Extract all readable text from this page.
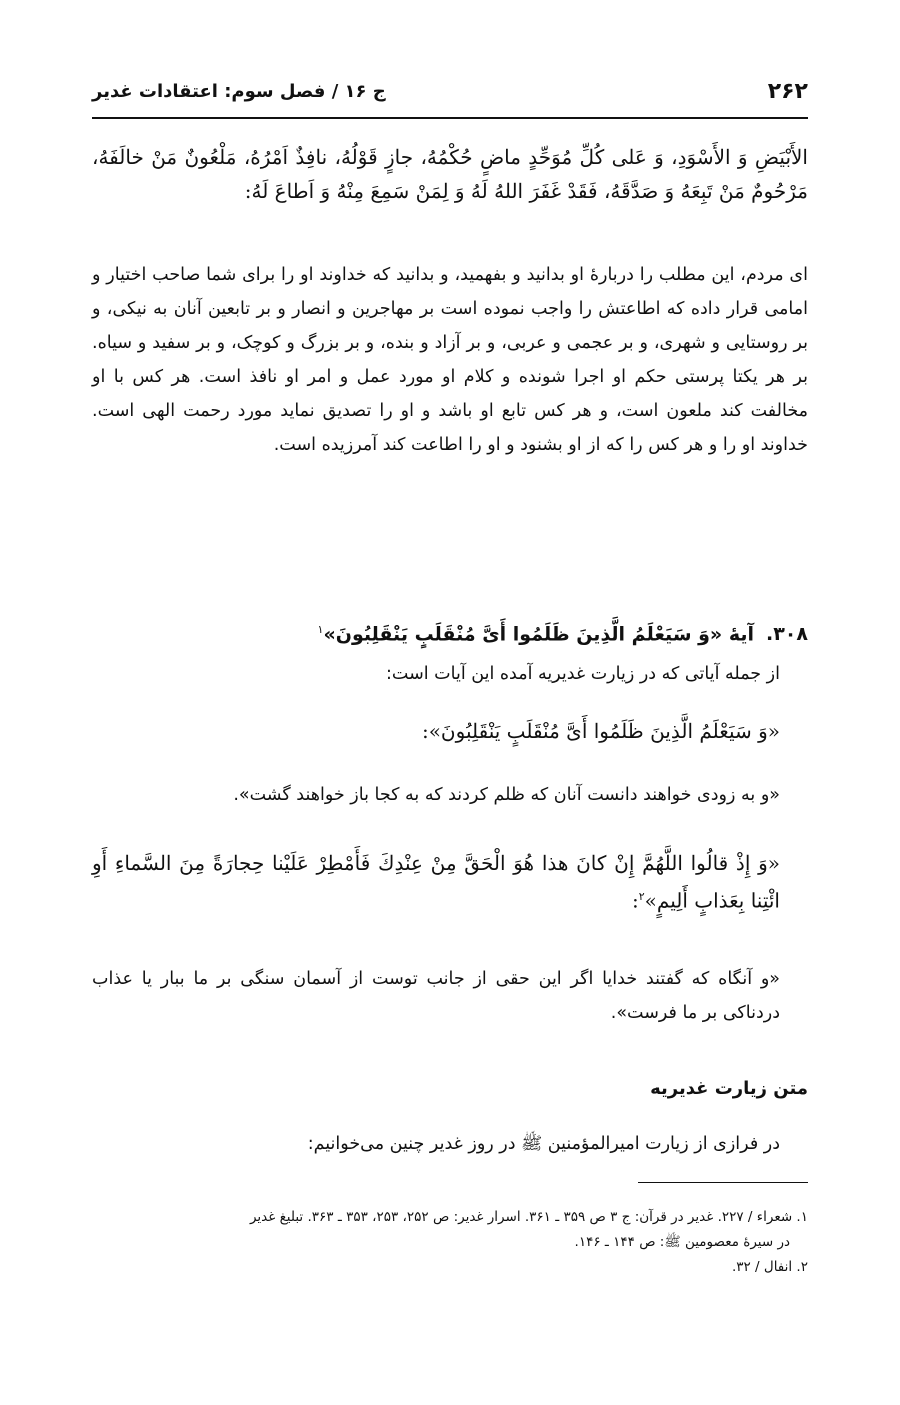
۲۶۲
ج ۱۶ / فصل سوم: اعتقادات غدیر

الأَبْیَضِ وَ الأَسْوَدِ، وَ عَلى كُلِّ مُوَحِّدٍ ماضٍ حُكْمُهُ، جازٍ قَوْلُهُ، نافِذٌ اَمْرُهُ، مَلْعُونٌ مَنْ خالَفَهُ، مَرْحُومٌ مَنْ تَبِعَهُ وَ صَدَّقَهُ، فَقَدْ غَفَرَ اللهُ لَهُ وَ لِمَنْ سَمِعَ مِنْهُ وَ اَطاعَ لَهُ:

ای مردم، این مطلب را دربارهٔ او بدانید و بفهمید، و بدانید كه خداوند او را برای شما صاحب اختیار و امامی قرار داده كه اطاعتش را واجب نموده است بر مهاجرین و انصار و بر تابعین آنان به نیكی، و بر روستایی و شهری، و بر عجمی و عربی، و بر آزاد و بنده، و بر بزرگ و كوچک، و بر سفید و سیاه. بر هر یكتا پرستی حكم او اجرا شونده و كلام او مورد عمل و امر او نافذ است. هر كس با او مخالفت كند ملعون است، و هر كس تابع او باشد و او را تصدیق نماید مورد رحمت الهی است. خداوند او را و هر كس را كه از او بشنود و او را اطاعت كند آمرزیده است.

۳۰۸.آیهٔ «وَ سَیَعْلَمُ الَّذِینَ ظَلَمُوا أَیَّ مُنْقَلَبٍ یَنْقَلِبُونَ»$^۱$

از جمله آیاتی كه در زیارت غدیریه آمده این آیات است:

«وَ سَیَعْلَمُ الَّذِینَ ظَلَمُوا أَیَّ مُنْقَلَبٍ یَنْقَلِبُونَ»:

«و به زودی خواهند دانست آنان كه ظلم كردند كه به كجا باز خواهند گشت».

«وَ إِذْ قالُوا اللَّهُمَّ إِنْ كانَ هذا هُوَ الْحَقَّ مِنْ عِنْدِكَ فَأَمْطِرْ عَلَیْنا حِجارَةً مِنَ السَّماءِ أَوِ ائْتِنا بِعَذابٍ أَلِیمٍ»$^۲$:

«و آنگاه كه گفتند خدایا اگر این حقی از جانب توست از آسمان سنگی بر ما ببار یا عذاب دردناكی بر ما فرست».

متن زیارت غدیریه

در فرازی از زیارت امیرالمؤمنین ﷺ در روز غدیر چنین می‌خوانیم:

۱. شعراء / ۲۲۷. غدیر در قرآن: ج ۳ ص ۳۵۹ ـ ۳۶۱. اسرار غدیر: ص ۲۵۲، ۲۵۳، ۳۵۳ ـ ۳۶۳. تبلیغ غدیر

در سیرهٔ معصومین ﷺ: ص ۱۴۴ ـ ۱۴۶.

۲. انفال / ۳۲.
